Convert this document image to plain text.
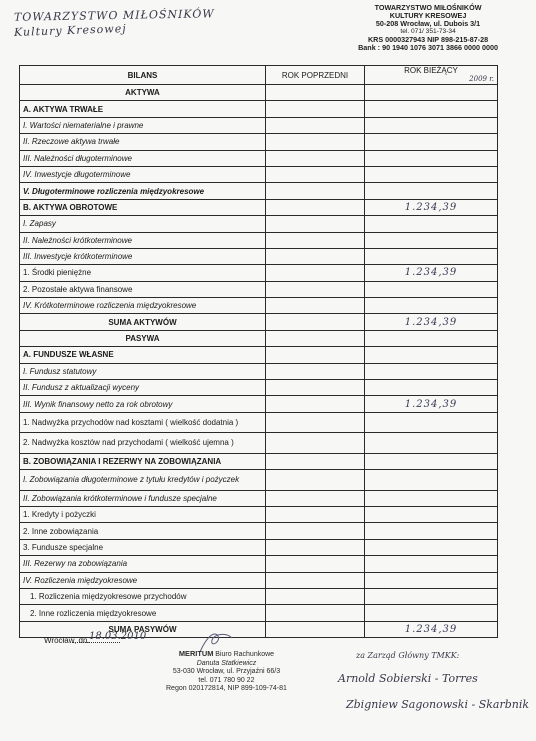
TOWARZYSTWO MIŁOŚNIKÓW
Kultury Kresowej
TOWARZYSTWO MIŁOŚNIKÓW
KULTURY KRESOWEJ
50-208 Wrocław, ul. Dubois 3/1
tel. 071/ 351-73-34
KRS 0000327943 NIP 898-215-87-28
Bank : 90 1940 1076 3071 3866 0000 0000
BILANS	ROK POPRZEDNI	ROK BIEŻĄCY
2009 r.

AKTYWA		
A. AKTYWA TRWAŁE		
I. Wartości niematerialne i prawne		
II. Rzeczowe aktywa trwałe		
III. Należności długoterminowe		
IV. Inwestycje długoterminowe		
V. Długoterminowe rozliczenia międzyokresowe		
B. AKTYWA OBROTOWE		1.234,39
I. Zapasy		
II. Należności krótkoterminowe		
III. Inwestycje krótkoterminowe		
1. Środki pieniężne		1.234,39
2. Pozostałe aktywa finansowe		
IV. Krótkoterminowe rozliczenia międzyokresowe		
SUMA AKTYWÓW		1.234,39
PASYWA		
A. FUNDUSZE WŁASNE		
I. Fundusz statutowy		
II. Fundusz z aktualizacji wyceny		
III. Wynik finansowy netto za rok obrotowy		1.234,39
1. Nadwyżka przychodów nad kosztami ( wielkość dodatnia )		
2. Nadwyżka kosztów nad przychodami ( wielkość ujemna )		
B. ZOBOWIĄZANIA I REZERWY NA ZOBOWIĄZANIA		
I. Zobowiązania długoterminowe z tytułu kredytów i pożyczek		
II. Zobowiązania krótkoterminowe i fundusze specjalne		
1. Kredyty i pożyczki		
2. Inne zobowiązania		
3. Fundusze specjalne		
III. Rezerwy na zobowiązania		
IV. Rozliczenia międzyokresowe		
1. Rozliczenia międzyokresowe przychodów		
2. Inne rozliczenia międzyokresowe		
SUMA PASYWÓW		1.234,39
Wrocław, dn. 18.03.2010
MERITUM Biuro Rachunkowe
Danuta Statkiewicz
53-030 Wrocław, ul. Przyjaźni 66/3
tel. 071 780 90 22
Regon 020172814, NIP 899-109-74-81
za Zarząd Główny TMKK:
Arnold Sobierski - Torres
Zbigniew Sagonowski - Skarbnik
